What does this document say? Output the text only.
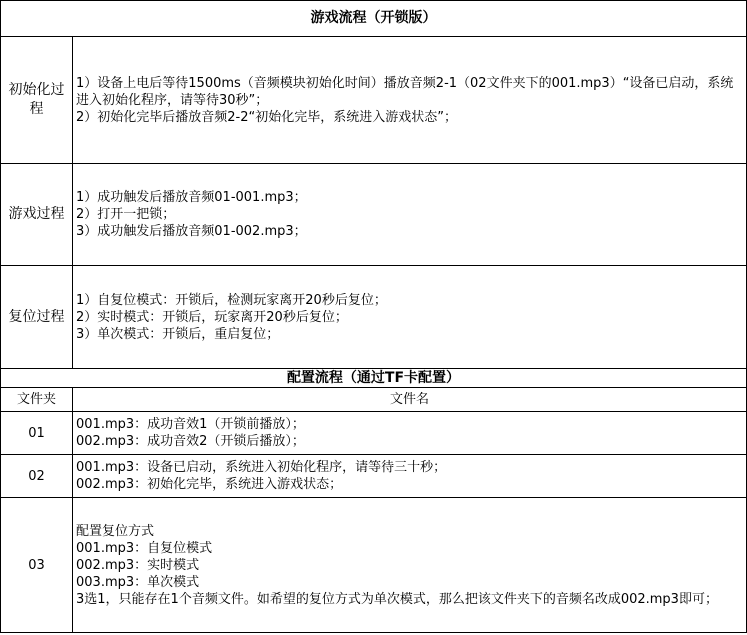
游戏流程（开锁版）	
初始化过程	1）设备上电后等待1500ms（音频模块初始化时间）播放音频2-1（02文件夹下的001.mp3）“设备已启动，系统进入初始化程序，请等待30秒”；
2）初始化完毕后播放音频2-2“初始化完毕，系统进入游戏状态”；

游戏过程	1）成功触发后播放音频01-001.mp3；
2）打开一把锁；
3）成功触发后播放音频01-002.mp3；

复位过程	1）自复位模式：开锁后，检测玩家离开20秒后复位；
2）实时模式：开锁后，玩家离开20秒后复位；
3）单次模式：开锁后，重启复位；

配置流程（通过TF卡配置）	
文件夹	文件名
01	001.mp3：成功音效1（开锁前播放）；
002.mp3：成功音效2（开锁后播放）；

02	001.mp3：设备已启动，系统进入初始化程序，请等待三十秒；
002.mp3：初始化完毕，系统进入游戏状态；

03	配置复位方式
001.mp3：自复位模式
002.mp3：实时模式
003.mp3：单次模式
3选1，只能存在1个音频文件。如希望的复位方式为单次模式，那么把该文件夹下的音频名改成002.mp3即可；
